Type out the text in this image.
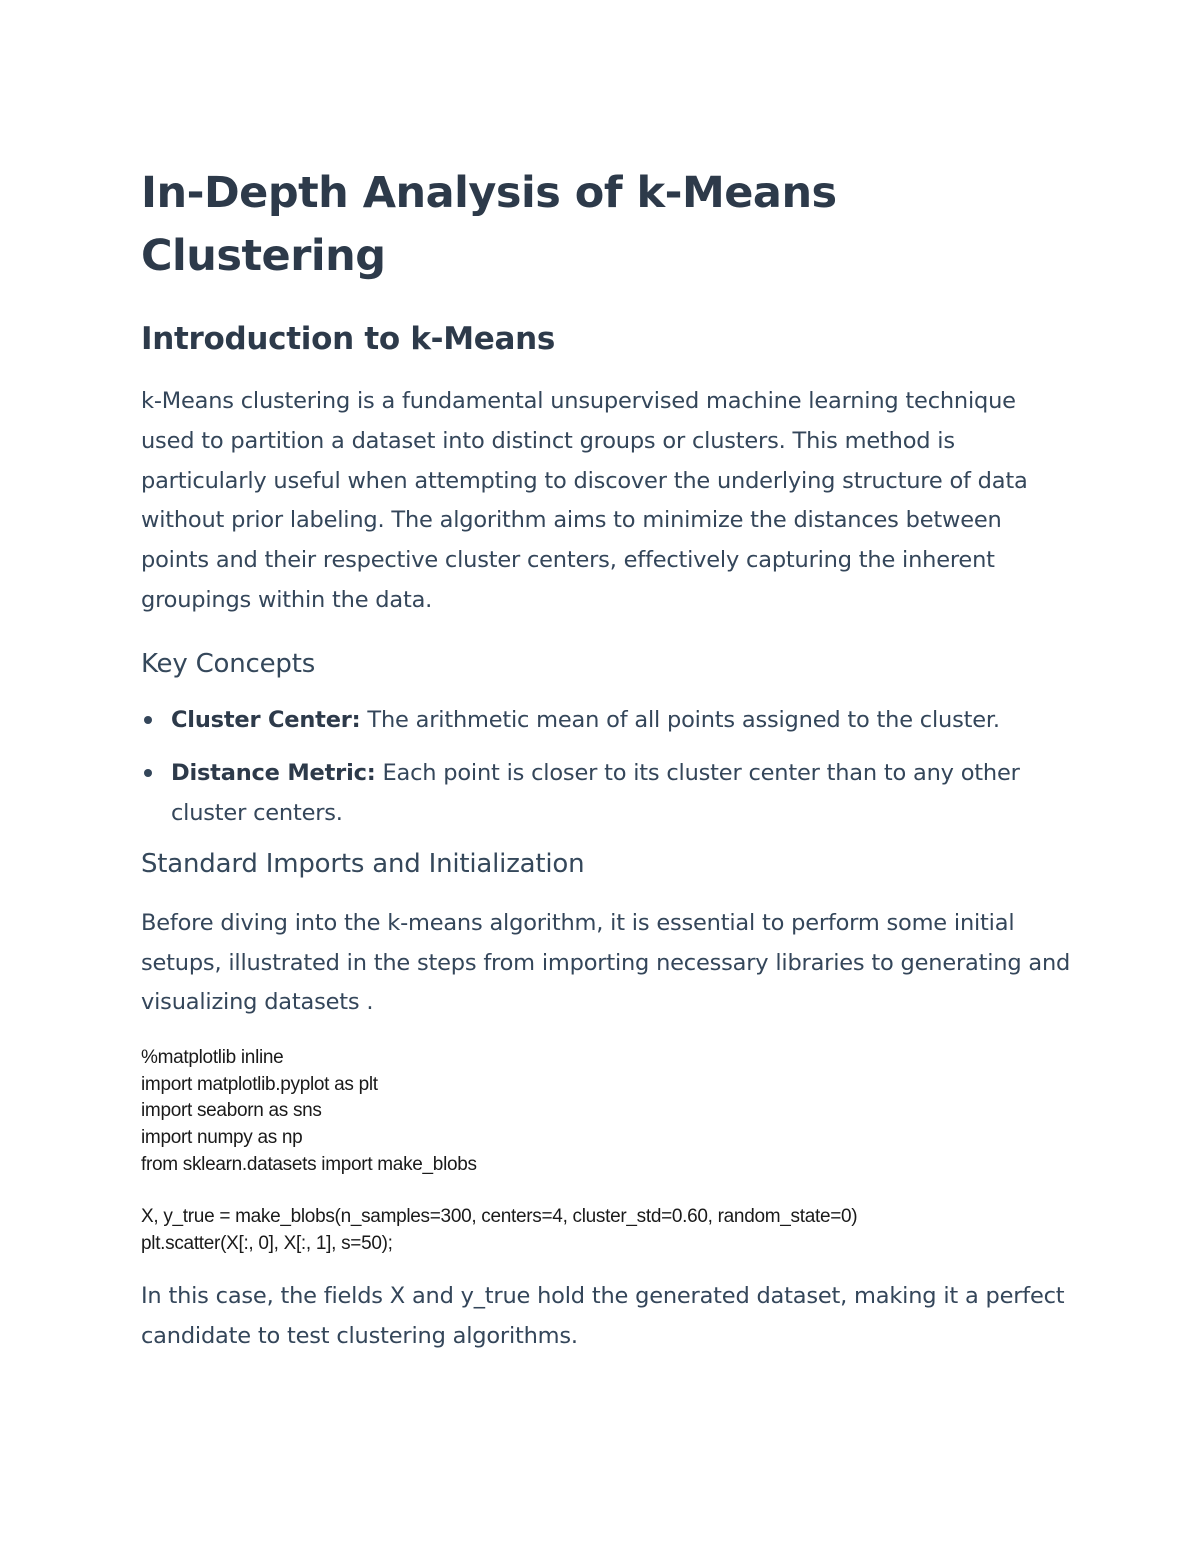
In-Depth Analysis of k-Means Clustering
Introduction to k-Means

k-Means clustering is a fundamental unsupervised machine learning technique used to partition a dataset into distinct groups or clusters. This method is particularly useful when attempting to discover the underlying structure of data without prior labeling. The algorithm aims to minimize the distances between points and their respective cluster centers, effectively capturing the inherent groupings within the data.

Key Concepts
Cluster Center: The arithmetic mean of all points assigned to the cluster.
Distance Metric: Each point is closer to its cluster center than to any other cluster centers.
Standard Imports and Initialization

Before diving into the k-means algorithm, it is essential to perform some initial setups, illustrated in the steps from importing necessary libraries to generating and visualizing datasets .

%matplotlib inline
import matplotlib.pyplot as plt
import seaborn as sns
import numpy as np
from sklearn.datasets import make_blobs
X, y_true = make_blobs(n_samples=300, centers=4, cluster_std=0.60, random_state=0)
plt.scatter(X[:, 0], X[:, 1], s=50);

In this case, the fields X and y_true hold the generated dataset, making it a perfect candidate to test clustering algorithms.
